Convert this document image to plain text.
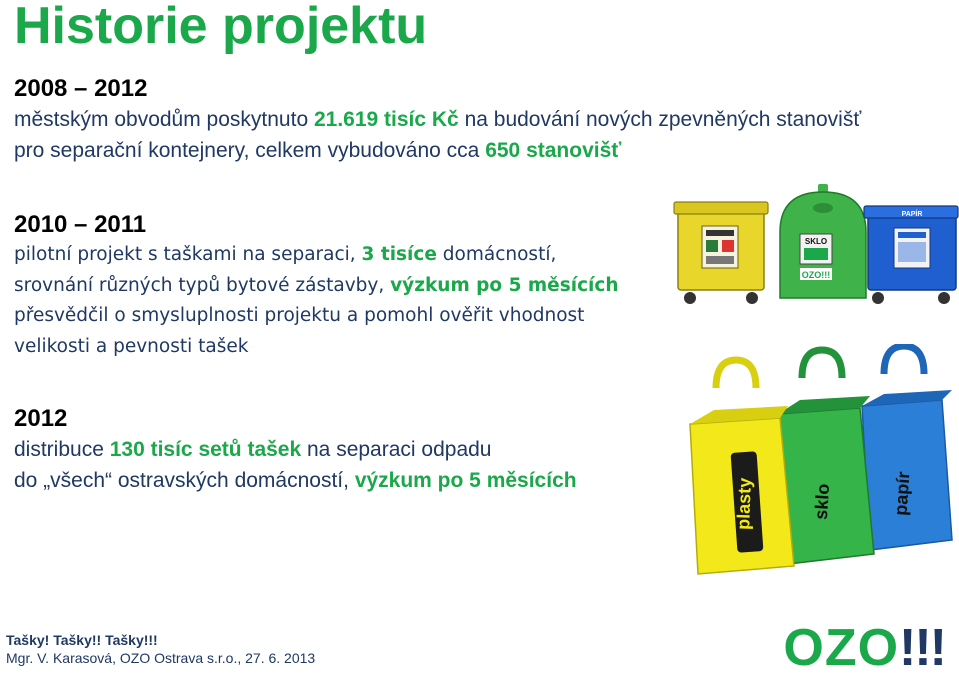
Historie projektu
2008 – 2012
městským obvodům poskytnuto 21.619 tisíc Kč na budování nových zpevněných stanovišť
pro separační kontejnery, celkem vybudováno cca 650 stanovišť
2010 – 2011
pilotní projekt s taškami na separaci, 3 tisíce domácností,
srovnání různých typů bytové zástavby, výzkum po 5 měsících
přesvědčil o smysluplnosti projektu a pomohl ověřit vhodnost
velikosti a pevnosti tašek
2012
distribuce 130 tisíc setů tašek na separaci odpadu
do „všech“ ostravských domácností, výzkum po 5 měsících
SKLO
OZO!!!
PAPÍR
papír
sklo
plasty
Tašky! Tašky!! Tašky!!!
Mgr. V. Karasová, OZO Ostrava s.r.o., 27. 6. 2013	OZO!!!
